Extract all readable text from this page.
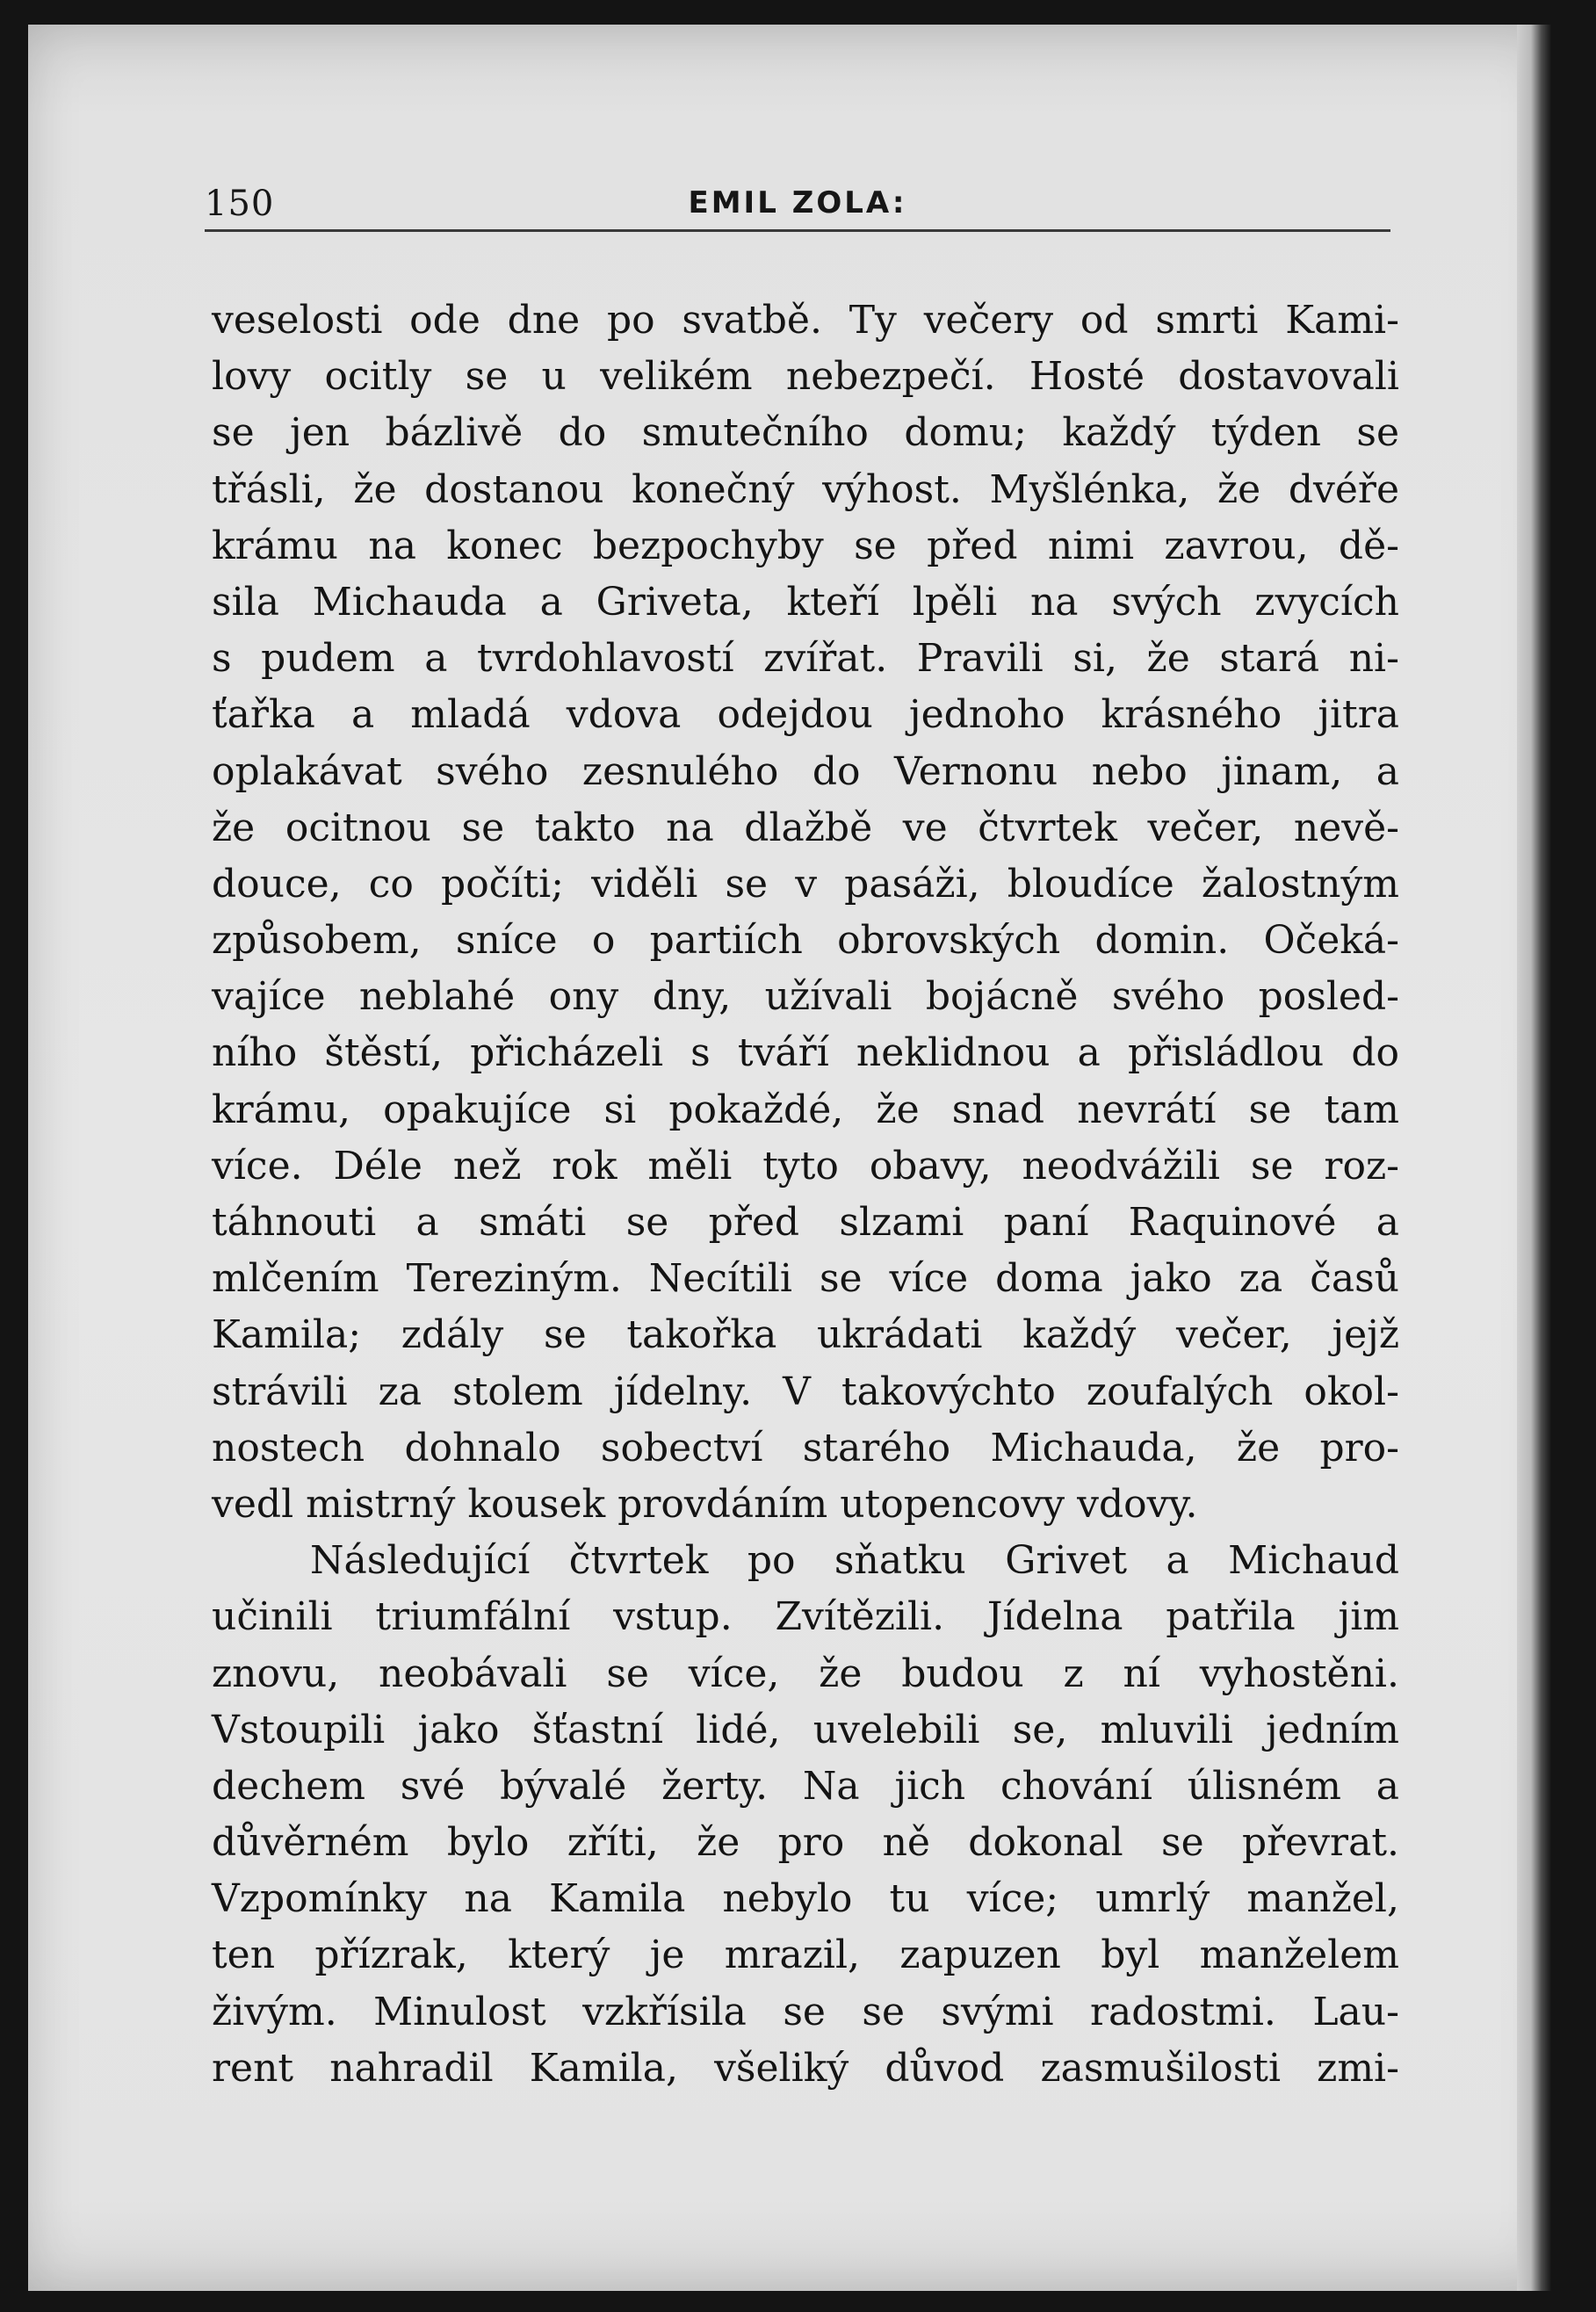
150	EMIL ZOLA:
veselosti ode dne po svatbě. Ty večery od smrti Kami-
lovy ocitly se u velikém nebezpečí. Hosté dostavovali
se jen bázlivě do smutečního domu; každý týden se
třásli, že dostanou konečný výhost. Myšlénka, že dvéře
krámu na konec bezpochyby se před nimi zavrou, dě-
sila Michauda a Griveta, kteří lpěli na svých zvycích
s pudem a tvrdohlavostí zvířat. Pravili si, že stará ni-
ťařka a mladá vdova odejdou jednoho krásného jitra
oplakávat svého zesnulého do Vernonu nebo jinam, a
že ocitnou se takto na dlažbě ve čtvrtek večer, nevě-
douce, co počíti; viděli se v pasáži, bloudíce žalostným
způsobem, sníce o partiích obrovských domin. Očeká-
vajíce neblahé ony dny, užívali bojácně svého posled-
ního štěstí, přicházeli s tváří neklidnou a přisládlou do
krámu, opakujíce si pokaždé, že snad nevrátí se tam
více. Déle než rok měli tyto obavy, neodvážili se roz-
táhnouti a smáti se před slzami paní Raquinové a
mlčením Tereziným. Necítili se více doma jako za časů
Kamila; zdály se takořka ukrádati každý večer, jejž
strávili za stolem jídelny. V takovýchto zoufalých okol-
nostech dohnalo sobectví starého Michauda, že pro-
vedl mistrný kousek provdáním utopencovy vdovy.
Následující čtvrtek po sňatku Grivet a Michaud
učinili triumfální vstup. Zvítězili. Jídelna patřila jim
znovu, neobávali se více, že budou z ní vyhostěni.
Vstoupili jako šťastní lidé, uvelebili se, mluvili jedním
dechem své bývalé žerty. Na jich chování úlisném a
důvěrném bylo zříti, že pro ně dokonal se převrat.
Vzpomínky na Kamila nebylo tu více; umrlý manžel,
ten přízrak, který je mrazil, zapuzen byl manželem
živým. Minulost vzkřísila se se svými radostmi. Lau-
rent nahradil Kamila, všeliký důvod zasmušilosti zmi-
